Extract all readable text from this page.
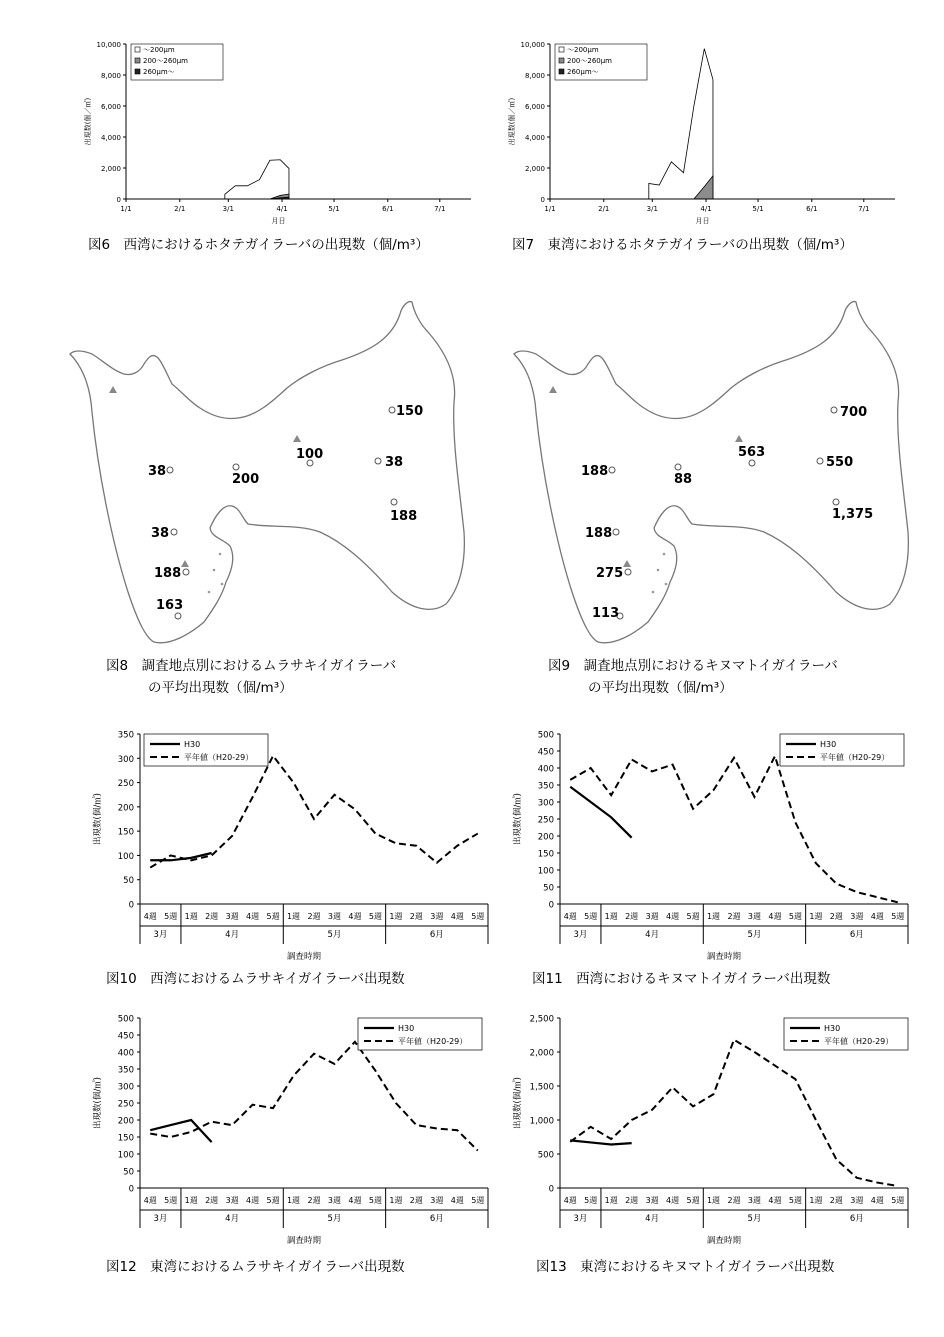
0
2,000
4,000
6,000
8,000
10,000
1/1	2/1	3/1	4/1	5/1	6/1	7/1
月日
出現数(個／㎥)
～200μm
200～260μm
260μm～
図6　西湾におけるホタテガイラーバの出現数（個/m³）
0
2,000
4,000
6,000
8,000
10,000
1/1	2/1	3/1	4/1	5/1	6/1	7/1
月日
出現数(個／㎥)
～200μm
200～260μm
260μm～
図7　東湾におけるホタテガイラーバの出現数（個/m³）
38
200
100
38
150
188
38
188
163
図8　調査地点別におけるムラサキイガイラーバ
の平均出現数（個/m³）
188
88
563
550
700
1,375
188
275
113
図9　調査地点別におけるキヌマトイガイラーバ
の平均出現数（個/m³）
0
50
100
150
200
250
300
350
4週 5週 1週 2週 3週 4週 5週 1週 2週 3週 4週 5週 1週 2週 3週 4週 5週
3月	4月	5月	6月
調査時期
出現数(個/㎥)
H30
平年値（H20-29）
図10　西湾におけるムラサキイガイラーバ出現数
0
50
100
150
200
250
300
350
400
450
500
4週 5週 1週 2週 3週 4週 5週 1週 2週 3週 4週 5週 1週 2週 3週 4週 5週
3月	4月	5月	6月
調査時期
出現数(個/㎥)
H30
平年値（H20-29）
図11　西湾におけるキヌマトイガイラーバ出現数
0
50
100
150
200
250
300
350
400
450
500
4週 5週 1週 2週 3週 4週 5週 1週 2週 3週 4週 5週 1週 2週 3週 4週 5週
3月	4月	5月	6月
調査時期
出現数(個/㎥)
H30
平年値（H20-29）
図12　東湾におけるムラサキイガイラーバ出現数
0
500
1,000
1,500
2,000
2,500
4週 5週 1週 2週 3週 4週 5週 1週 2週 3週 4週 5週 1週 2週 3週 4週 5週
3月	4月	5月	6月
調査時期
出現数(個/㎥)
H30
平年値（H20-29）
図13　東湾におけるキヌマトイガイラーバ出現数
